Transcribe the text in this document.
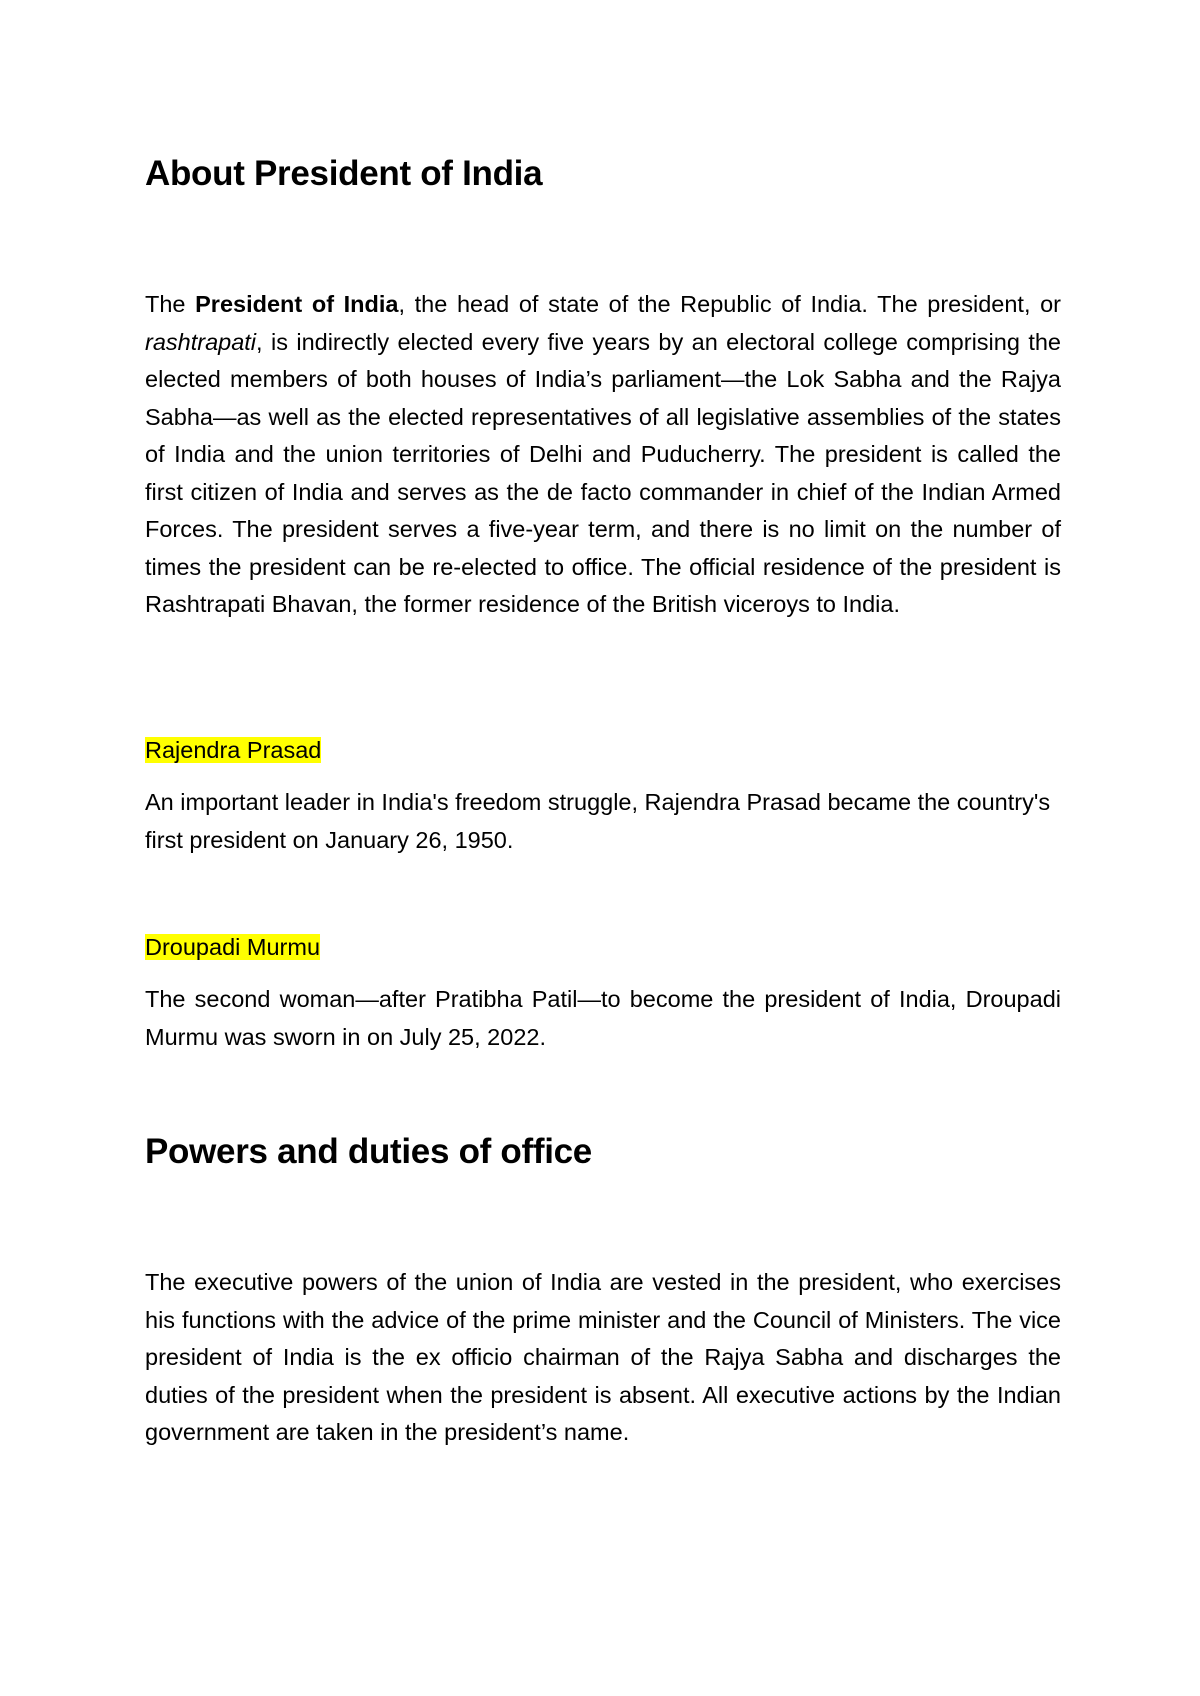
About President of India

The President of India, the head of state of the Republic of India. The president, or rashtrapati, is indirectly elected every five years by an electoral college comprising the elected members of both houses of India’s parliament—the Lok Sabha and the Rajya Sabha—as well as the elected representatives of all legislative assemblies of the states of India and the union territories of Delhi and Puducherry. The president is called the first citizen of India and serves as the de facto commander in chief of the Indian Armed Forces. The president serves a five-year term, and there is no limit on the number of times the president can be re-elected to office. The official residence of the president is Rashtrapati Bhavan, the former residence of the British viceroys to India.

Rajendra Prasad

An important leader in India's freedom struggle, Rajendra Prasad became the country's first president on January 26, 1950.

Droupadi Murmu

The second woman—after Pratibha Patil—to become the president of India, Droupadi Murmu was sworn in on July 25, 2022.

Powers and duties of office

The executive powers of the union of India are vested in the president, who exercises his functions with the advice of the prime minister and the Council of Ministers. The vice president of India is the ex officio chairman of the Rajya Sabha and discharges the duties of the president when the president is absent. All executive actions by the Indian government are taken in the president’s name.
